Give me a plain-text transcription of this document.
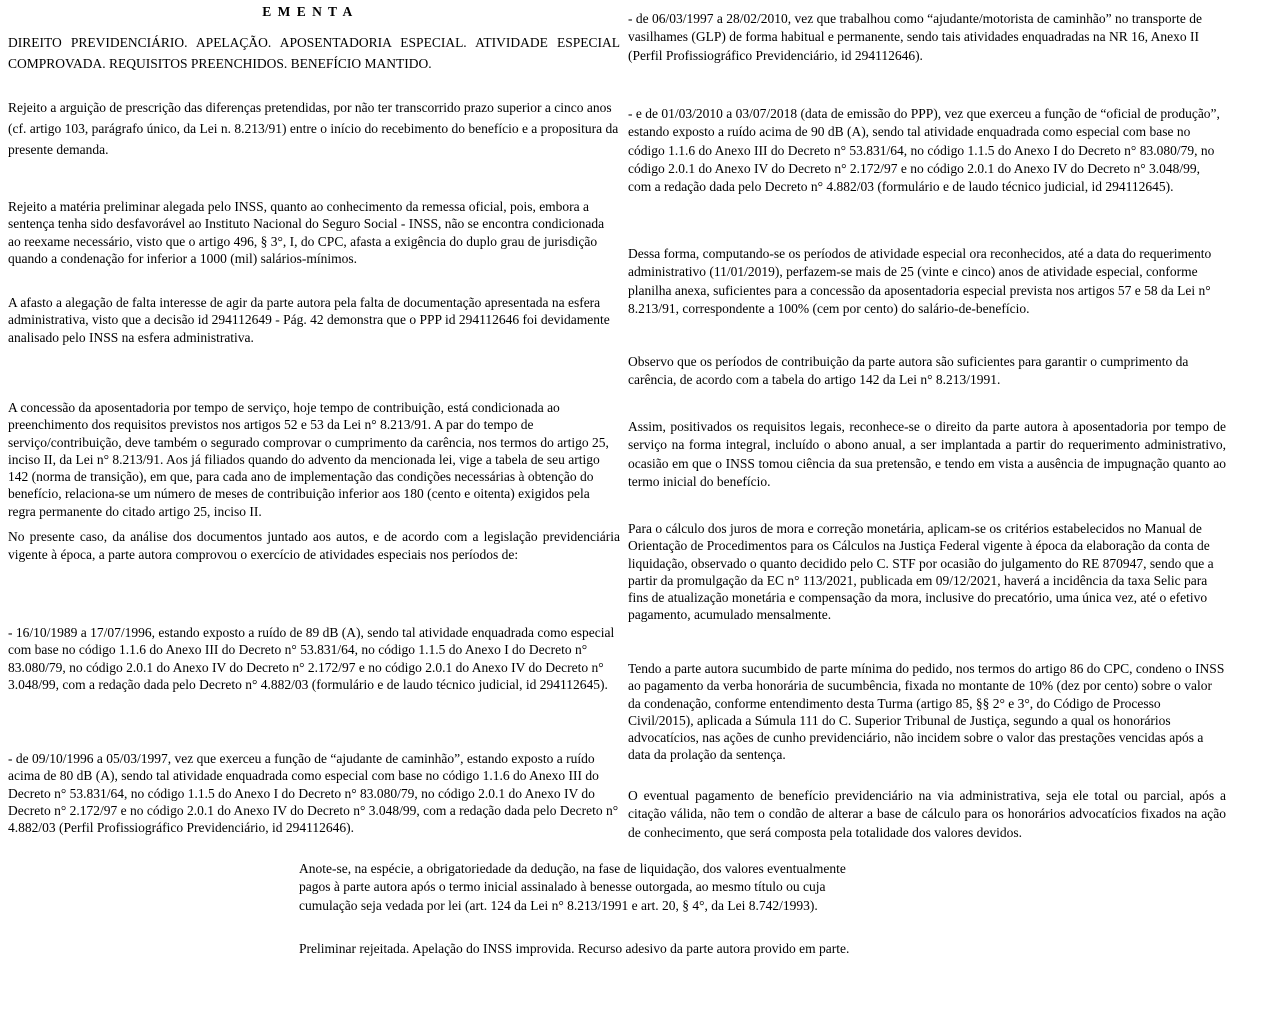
E M E N T A

DIREITO PREVIDENCIÁRIO. APELAÇÃO. APOSENTADORIA ESPECIAL. ATIVIDADE ESPECIAL COMPROVADA. REQUISITOS PREENCHIDOS. BENEFÍCIO MANTIDO.

Rejeito a arguição de prescrição das diferenças pretendidas, por não ter transcorrido prazo superior a cinco anos (cf. artigo 103, parágrafo único, da Lei n. 8.213/91) entre o início do recebimento do benefício e a propositura da presente demanda.

Rejeito a matéria preliminar alegada pelo INSS, quanto ao conhecimento da remessa oficial, pois, embora a sentença tenha sido desfavorável ao Instituto Nacional do Seguro Social - INSS, não se encontra condicionada ao reexame necessário, visto que o artigo 496, § 3°, I, do CPC, afasta a exigência do duplo grau de jurisdição quando a condenação for inferior a 1000 (mil) salários-mínimos.

A afasto a alegação de falta interesse de agir da parte autora pela falta de documentação apresentada na esfera administrativa, visto que a decisão id 294112649 - Pág. 42 demonstra que o PPP id 294112646 foi devidamente analisado pelo INSS na esfera administrativa.

A concessão da aposentadoria por tempo de serviço, hoje tempo de contribuição, está condicionada ao preenchimento dos requisitos previstos nos artigos 52 e 53 da Lei n° 8.213/91. A par do tempo de serviço/contribuição, deve também o segurado comprovar o cumprimento da carência, nos termos do artigo 25, inciso II, da Lei n° 8.213/91. Aos já filiados quando do advento da mencionada lei, vige a tabela de seu artigo 142 (norma de transição), em que, para cada ano de implementação das condições necessárias à obtenção do benefício, relaciona-se um número de meses de contribuição inferior aos 180 (cento e oitenta) exigidos pela regra permanente do citado artigo 25, inciso II.

No presente caso, da análise dos documentos juntado aos autos, e de acordo com a legislação previdenciária vigente à época, a parte autora comprovou o exercício de atividades especiais nos períodos de:

- 16/10/1989 a 17/07/1996, estando exposto a ruído de 89 dB (A), sendo tal atividade enquadrada como especial com base no código 1.1.6 do Anexo III do Decreto n° 53.831/64, no código 1.1.5 do Anexo I do Decreto n° 83.080/79, no código 2.0.1 do Anexo IV do Decreto n° 2.172/97 e no código 2.0.1 do Anexo IV do Decreto n° 3.048/99, com a redação dada pelo Decreto n° 4.882/03 (formulário e de laudo técnico judicial, id 294112645).

- de 09/10/1996 a 05/03/1997, vez que exerceu a função de “ajudante de caminhão”, estando exposto a ruído acima de 80 dB (A), sendo tal atividade enquadrada como especial com base no código 1.1.6 do Anexo III do Decreto n° 53.831/64, no código 1.1.5 do Anexo I do Decreto n° 83.080/79, no código 2.0.1 do Anexo IV do Decreto n° 2.172/97 e no código 2.0.1 do Anexo IV do Decreto n° 3.048/99, com a redação dada pelo Decreto n° 4.882/03 (Perfil Profissiográfico Previdenciário, id 294112646).

- de 06/03/1997 a 28/02/2010, vez que trabalhou como “ajudante/motorista de caminhão” no transporte de vasilhames (GLP) de forma habitual e permanente, sendo tais atividades enquadradas na NR 16, Anexo II (Perfil Profissiográfico Previdenciário, id 294112646).

- e de 01/03/2010 a 03/07/2018 (data de emissão do PPP), vez que exerceu a função de “oficial de produção”, estando exposto a ruído acima de 90 dB (A), sendo tal atividade enquadrada como especial com base no código 1.1.6 do Anexo III do Decreto n° 53.831/64, no código 1.1.5 do Anexo I do Decreto n° 83.080/79, no código 2.0.1 do Anexo IV do Decreto n° 2.172/97 e no código 2.0.1 do Anexo IV do Decreto n° 3.048/99, com a redação dada pelo Decreto n° 4.882/03 (formulário e de laudo técnico judicial, id 294112645).

Dessa forma, computando-se os períodos de atividade especial ora reconhecidos, até a data do requerimento administrativo (11/01/2019), perfazem-se mais de 25 (vinte e cinco) anos de atividade especial, conforme planilha anexa, suficientes para a concessão da aposentadoria especial prevista nos artigos 57 e 58 da Lei n° 8.213/91, correspondente a 100% (cem por cento) do salário-de-benefício.

Observo que os períodos de contribuição da parte autora são suficientes para garantir o cumprimento da carência, de acordo com a tabela do artigo 142 da Lei n° 8.213/1991.

Assim, positivados os requisitos legais, reconhece-se o direito da parte autora à aposentadoria por tempo de serviço na forma integral, incluído o abono anual, a ser implantada a partir do requerimento administrativo, ocasião em que o INSS tomou ciência da sua pretensão, e tendo em vista a ausência de impugnação quanto ao termo inicial do benefício.

Para o cálculo dos juros de mora e correção monetária, aplicam-se os critérios estabelecidos no Manual de Orientação de Procedimentos para os Cálculos na Justiça Federal vigente à época da elaboração da conta de liquidação, observado o quanto decidido pelo C. STF por ocasião do julgamento do RE 870947, sendo que a partir da promulgação da EC n° 113/2021, publicada em 09/12/2021, haverá a incidência da taxa Selic para fins de atualização monetária e compensação da mora, inclusive do precatório, uma única vez, até o efetivo pagamento, acumulado mensalmente.

Tendo a parte autora sucumbido de parte mínima do pedido, nos termos do artigo 86 do CPC, condeno o INSS ao pagamento da verba honorária de sucumbência, fixada no montante de 10% (dez por cento) sobre o valor da condenação, conforme entendimento desta Turma (artigo 85, §§ 2° e 3°, do Código de Processo Civil/2015), aplicada a Súmula 111 do C. Superior Tribunal de Justiça, segundo a qual os honorários advocatícios, nas ações de cunho previdenciário, não incidem sobre o valor das prestações vencidas após a data da prolação da sentença.

O eventual pagamento de benefício previdenciário na via administrativa, seja ele total ou parcial, após a citação válida, não tem o condão de alterar a base de cálculo para os honorários advocatícios fixados na ação de conhecimento, que será composta pela totalidade dos valores devidos.

Anote-se, na espécie, a obrigatoriedade da dedução, na fase de liquidação, dos valores eventualmente pagos à parte autora após o termo inicial assinalado à benesse outorgada, ao mesmo título ou cuja cumulação seja vedada por lei (art. 124 da Lei n° 8.213/1991 e art. 20, § 4°, da Lei 8.742/1993).

Preliminar rejeitada. Apelação do INSS improvida. Recurso adesivo da parte autora provido em parte.
